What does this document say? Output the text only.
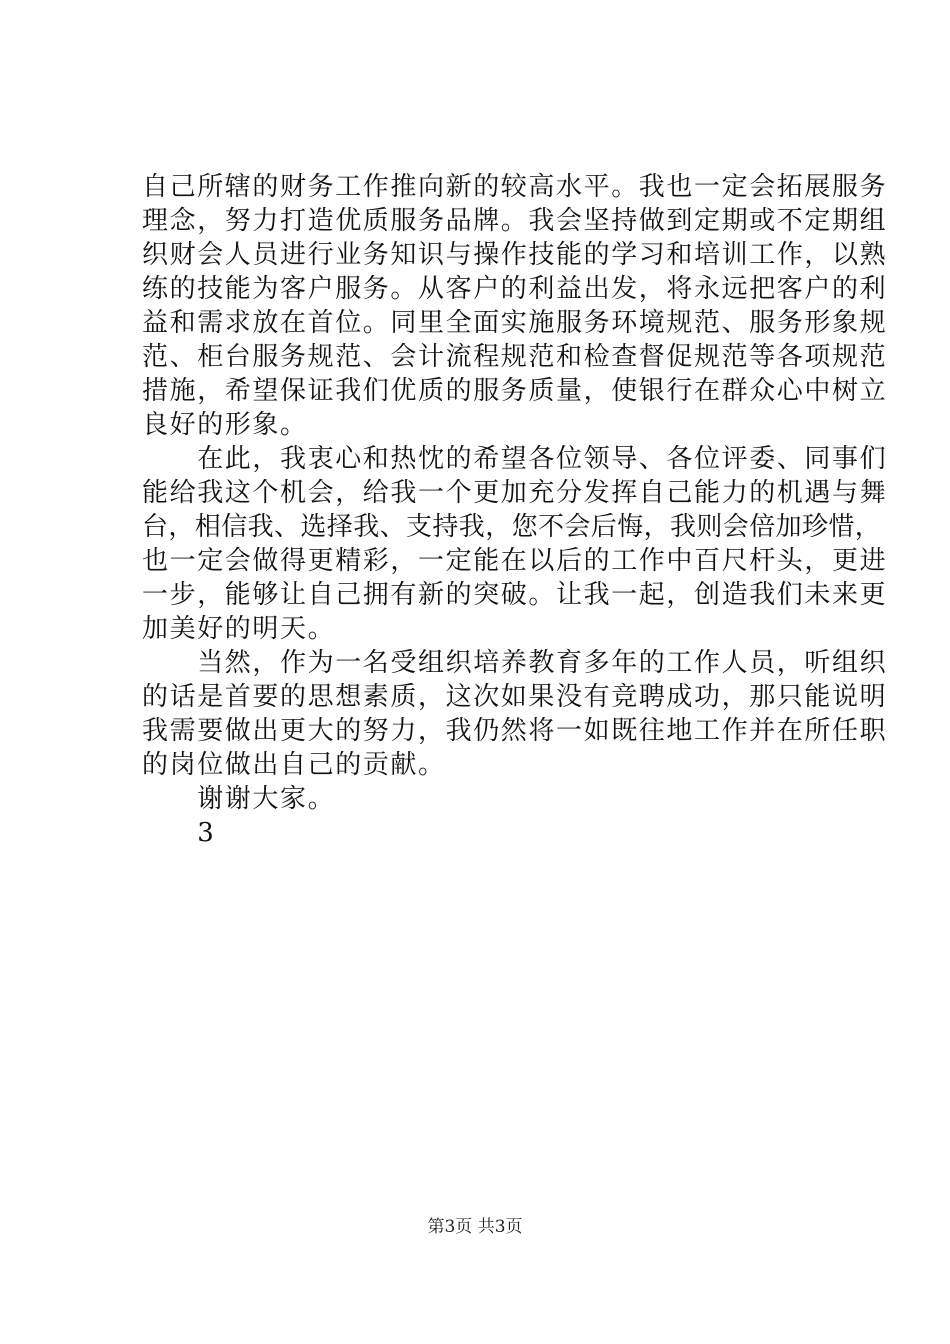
自己所辖的财务工作推向新的较高水平。我也一定会拓展服务
理念，努力打造优质服务品牌。我会坚持做到定期或不定期组
织财会人员进行业务知识与操作技能的学习和培训工作，以熟
练的技能为客户服务。从客户的利益出发，将永远把客户的利
益和需求放在首位。同里全面实施服务环境规范、服务形象规
范、柜台服务规范、会计流程规范和检查督促规范等各项规范
措施，希望保证我们优质的服务质量，使银行在群众心中树立
良好的形象。
　　在此，我衷心和热忱的希望各位领导、各位评委、同事们
能给我这个机会，给我一个更加充分发挥自己能力的机遇与舞
台，相信我、选择我、支持我，您不会后悔，我则会倍加珍惜，
也一定会做得更精彩，一定能在以后的工作中百尺杆头，更进
一步，能够让自己拥有新的突破。让我一起，创造我们未来更
加美好的明天。
　　当然，作为一名受组织培养教育多年的工作人员，听组织
的话是首要的思想素质，这次如果没有竞聘成功，那只能说明
我需要做出更大的努力，我仍然将一如既往地工作并在所任职
的岗位做出自己的贡献。
　　谢谢大家。
　　3
第3页 共3页
